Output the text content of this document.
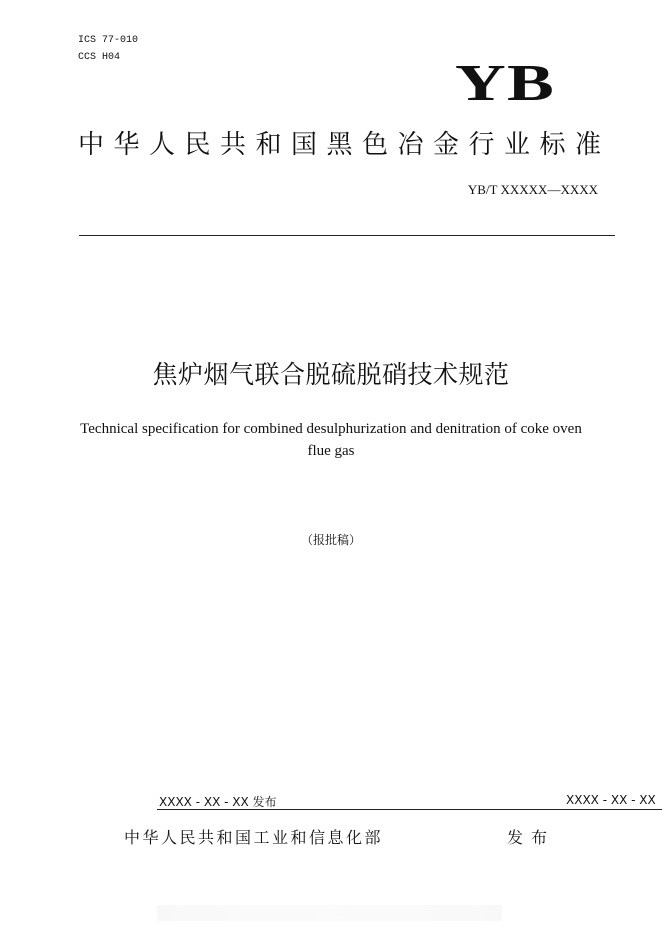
ICS 77-010
CCS H04	YB
中华人民共和国黑色冶金行业标准
YB/T XXXXX—XXXX
焦炉烟气联合脱硫脱硝技术规范
Technical specification for combined desulphurization and denitration of coke oven
flue gas
（报批稿）
XXXX - XX - XX 发布	XXXX - XX - XX
中华人民共和国工业和信息化部	发布
